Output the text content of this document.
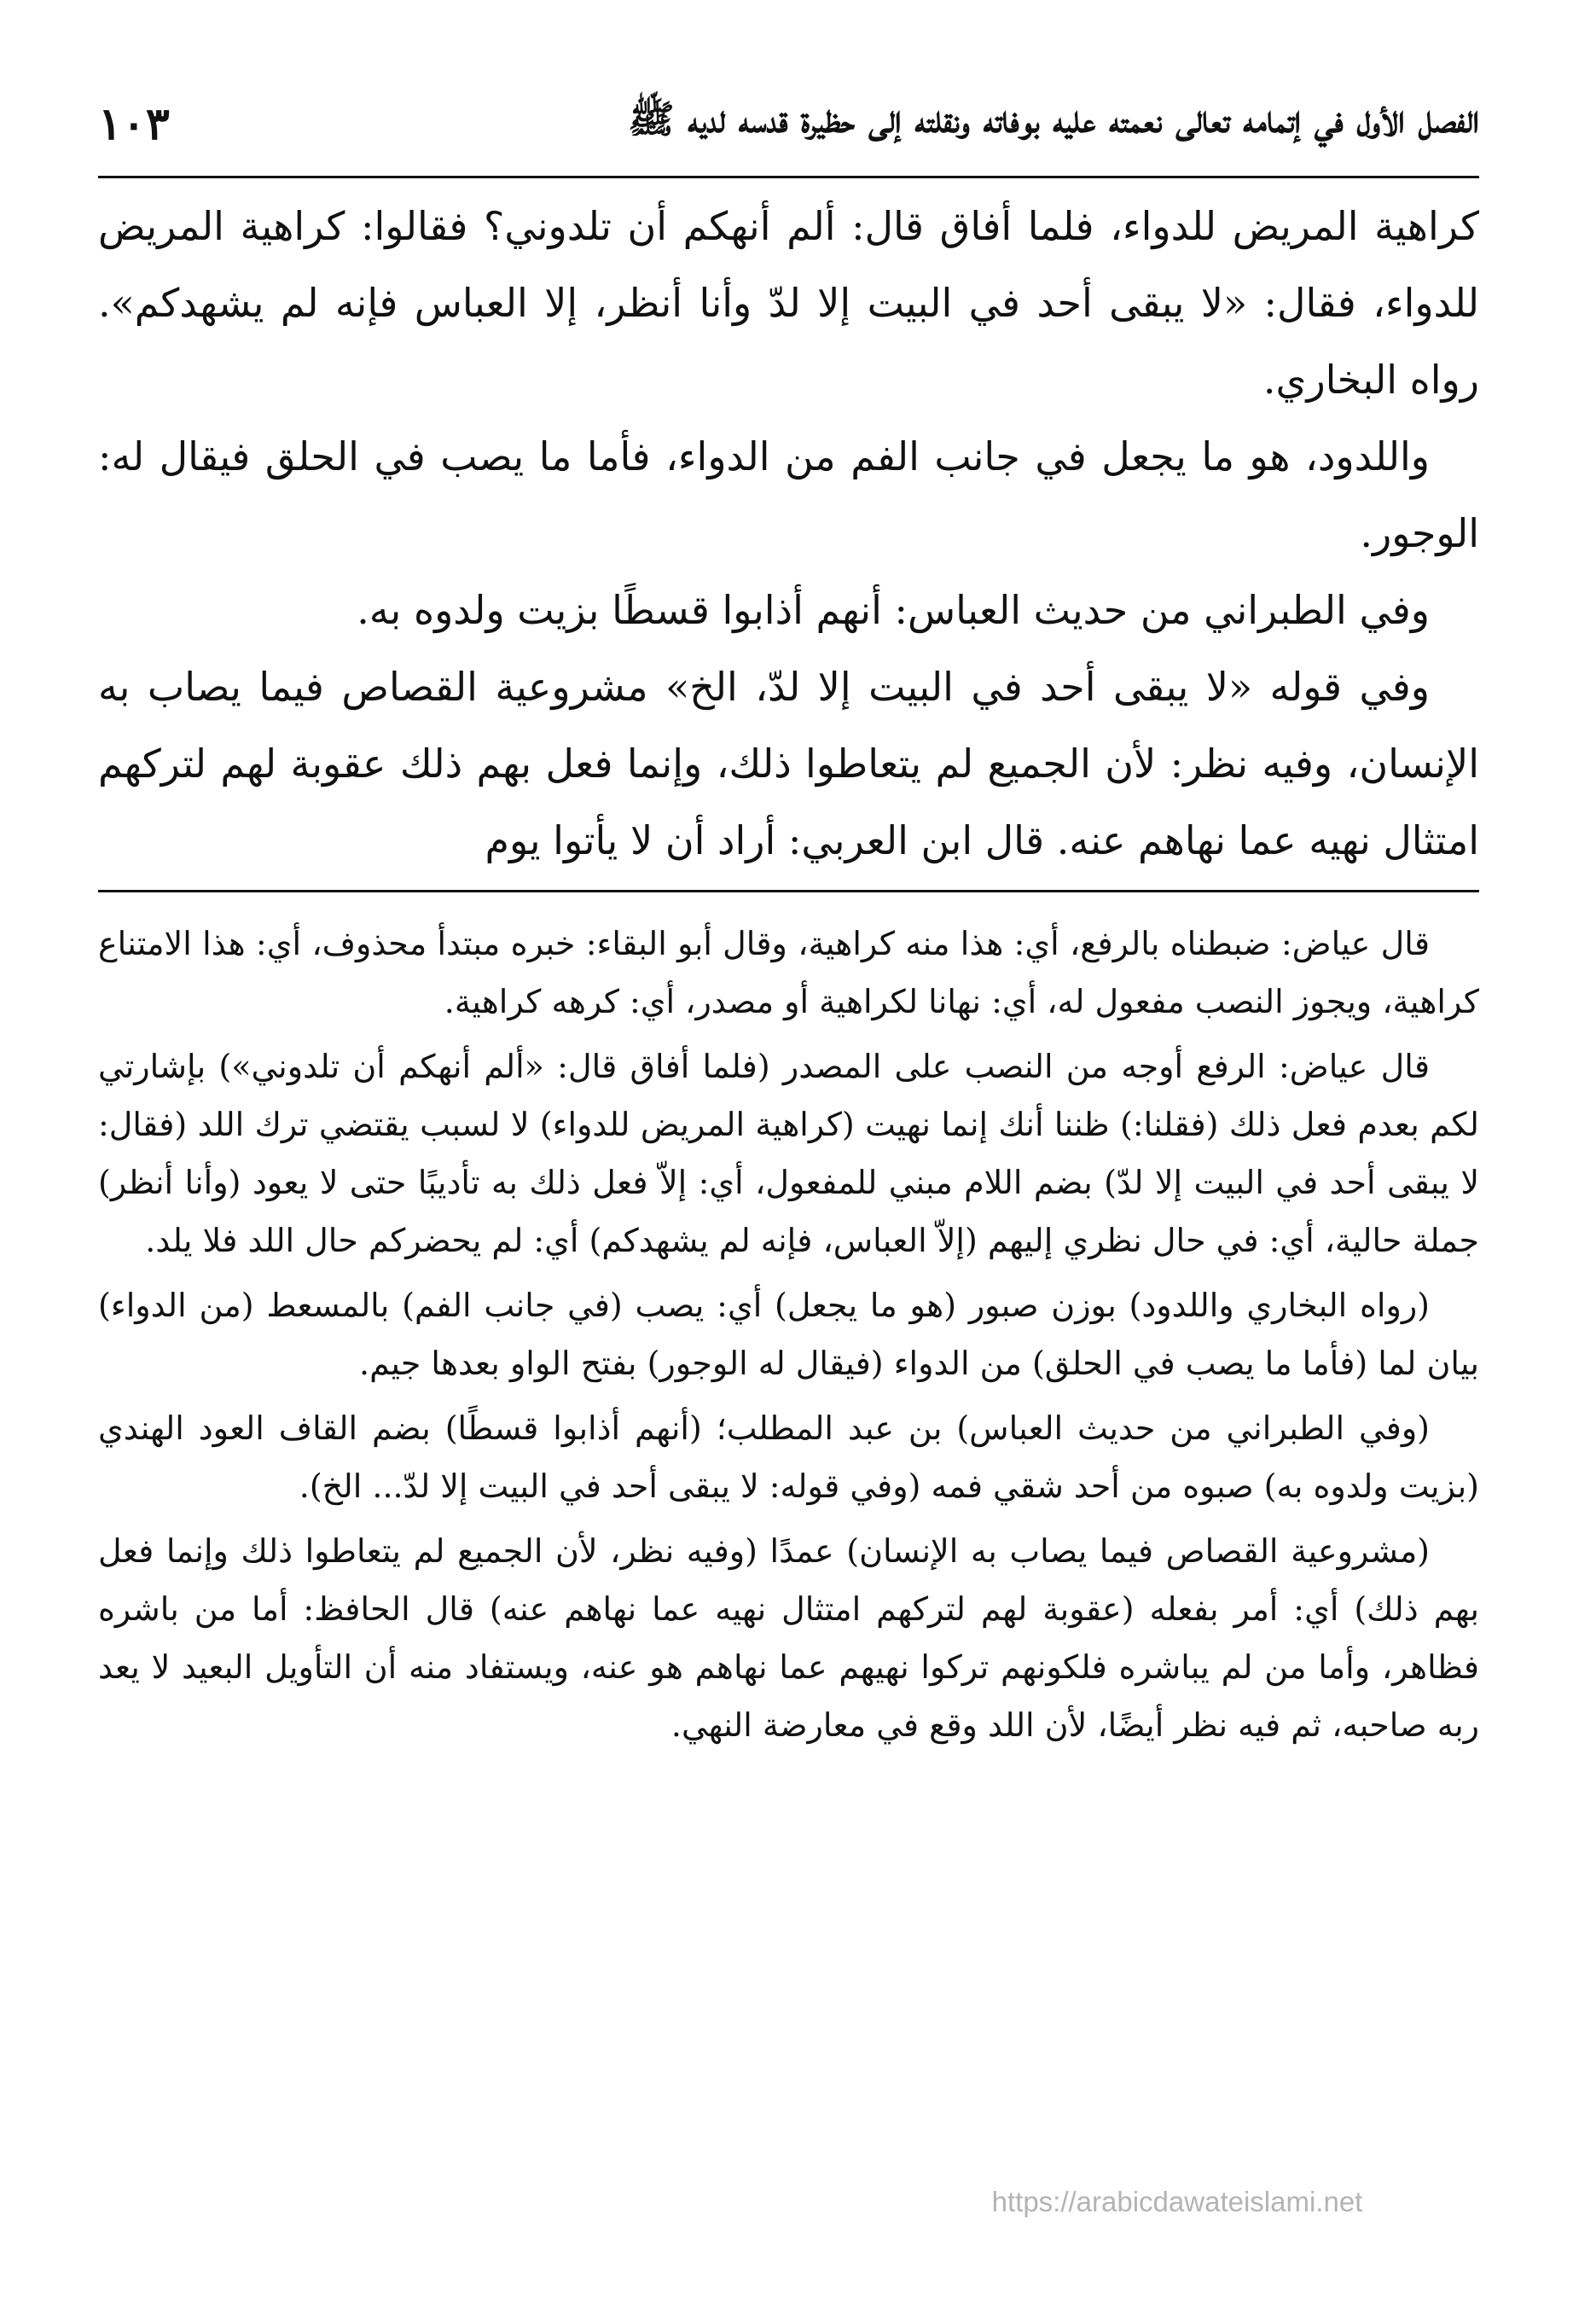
الفصل الأول في إتمامه تعالى نعمته عليه بوفاته ونقلته إلى حظيرة قدسه لديه ﷺ
١٠٣

كراهية المريض للدواء، فلما أفاق قال: ألم أنهكم أن تلدوني؟ فقالوا: كراهية المريض للدواء، فقال: «لا يبقى أحد في البيت إلا لدّ وأنا أنظر، إلا العباس فإنه لم يشهدكم». رواه البخاري.

واللدود، هو ما يجعل في جانب الفم من الدواء، فأما ما يصب في الحلق فيقال له: الوجور.

وفي الطبراني من حديث العباس: أنهم أذابوا قسطًا بزيت ولدوه به.

وفي قوله «لا يبقى أحد في البيت إلا لدّ، الخ» مشروعية القصاص فيما يصاب به الإنسان، وفيه نظر: لأن الجميع لم يتعاطوا ذلك، وإنما فعل بهم ذلك عقوبة لهم لتركهم امتثال نهيه عما نهاهم عنه. قال ابن العربي: أراد أن لا يأتوا يوم

قال عياض: ضبطناه بالرفع، أي: هذا منه كراهية، وقال أبو البقاء: خبره مبتدأ محذوف، أي: هذا الامتناع كراهية، ويجوز النصب مفعول له، أي: نهانا لكراهية أو مصدر، أي: كرهه كراهية.

قال عياض: الرفع أوجه من النصب على المصدر (فلما أفاق قال: «ألم أنهكم أن تلدوني») بإشارتي لكم بعدم فعل ذلك (فقلنا:) ظننا أنك إنما نهيت (كراهية المريض للدواء) لا لسبب يقتضي ترك اللد (فقال: لا يبقى أحد في البيت إلا لدّ) بضم اللام مبني للمفعول، أي: إلاّ فعل ذلك به تأديبًا حتى لا يعود (وأنا أنظر) جملة حالية، أي: في حال نظري إليهم (إلاّ العباس، فإنه لم يشهدكم) أي: لم يحضركم حال اللد فلا يلد.

(رواه البخاري واللدود) بوزن صبور (هو ما يجعل) أي: يصب (في جانب الفم) بالمسعط (من الدواء) بيان لما (فأما ما يصب في الحلق) من الدواء (فيقال له الوجور) بفتح الواو بعدها جيم.

(وفي الطبراني من حديث العباس) بن عبد المطلب؛ (أنهم أذابوا قسطًا) بضم القاف العود الهندي (بزيت ولدوه به) صبوه من أحد شقي فمه (وفي قوله: لا يبقى أحد في البيت إلا لدّ... الخ).

(مشروعية القصاص فيما يصاب به الإنسان) عمدًا (وفيه نظر، لأن الجميع لم يتعاطوا ذلك وإنما فعل بهم ذلك) أي: أمر بفعله (عقوبة لهم لتركهم امتثال نهيه عما نهاهم عنه) قال الحافظ: أما من باشره فظاهر، وأما من لم يباشره فلكونهم تركوا نهيهم عما نهاهم هو عنه، ويستفاد منه أن التأويل البعيد لا يعد ربه صاحبه، ثم فيه نظر أيضًا، لأن اللد وقع في معارضة النهي.

https://arabicdawateislami.net
